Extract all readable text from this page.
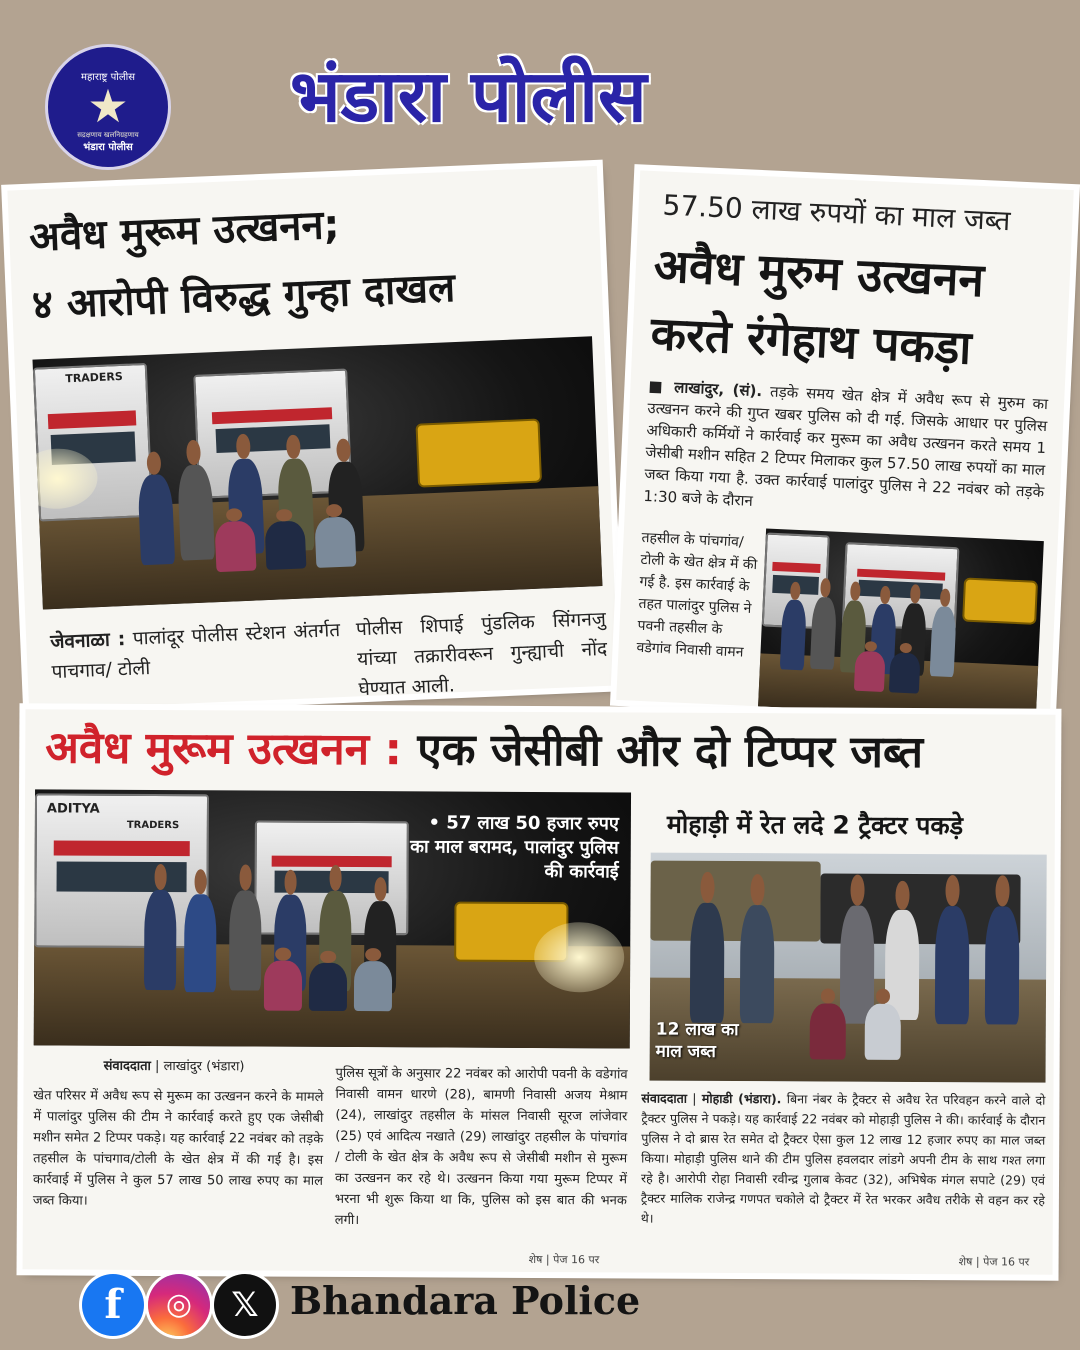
महाराष्ट्र पोलीस
★
सद्रक्षणाय खलनिग्रहणाय
भंडारा पोलीस
भंडारा पोलीस
अवैध मुरूम उत्खनन;
४ आरोपी विरुद्ध गुन्हा दाखल
TRADERS
जेवनाळा : पालांदूर पोलीस स्टेशन अंतर्गत पाचगाव/ टोली
पोलीस शिपाई पुंडलिक सिंगनजु यांच्या तक्रारीवरून गुन्ह्याची नोंद घेण्यात आली.
57.50 लाख रुपयों का माल जब्त
अवैध मुरुम उत्खनन
करते रंगेहाथ पकड़ा
■ लाखांदुर, (सं). तड़के समय खेत क्षेत्र में अवैध रूप से मुरुम का उत्खनन करने की गुप्त खबर पुलिस को दी गई. जिसके आधार पर पुलिस अधिकारी कर्मियों ने कार्रवाई कर मुरूम का अवैध उत्खनन करते समय 1 जेसीबी मशीन सहित 2 टिप्पर मिलाकर कुल 57.50 लाख रुपयों का माल जब्त किया गया है. उक्त कार्रवाई पालांदुर पुलिस ने 22 नवंबर को तड़के 1:30 बजे के दौरान
तहसील के पांचगांव/टोली के खेत क्षेत्र में की गई है. इस कार्रवाई के तहत पालांदुर पुलिस ने पवनी तहसील के वडेगांव निवासी वामन
अवैध मुरूम उत्खनन : एक जेसीबी और दो टिप्पर जब्त
ADITYA
TRADERS	• 57 लाख 50 हजार रुपए का माल बरामद, पालांदुर पुलिस की कार्रवाई
संवाददाता | लाखांदुर (भंडारा)
खेत परिसर में अवैध रूप से मुरूम का उत्खनन करने के मामले में पालांदुर पुलिस की टीम ने कार्रवाई करते हुए एक जेसीबी मशीन समेत 2 टिप्पर पकड़े। यह कार्रवाई 22 नवंबर को तड़के तहसील के पांचगाव/टोली के खेत क्षेत्र में की गई है। इस कार्रवाई में पुलिस ने कुल 57 लाख 50 लाख रुपए का माल जब्त किया।
पुलिस सूत्रों के अनुसार 22 नवंबर को आरोपी पवनी के वडेगांव निवासी वामन धारणे (28), बामणी निवासी अजय मेश्राम (24), लाखांदुर तहसील के मांसल निवासी सूरज लांजेवार (25) एवं आदित्य नखाते (29) लाखांदुर तहसील के पांचगांव / टोली के खेत क्षेत्र के अवैध रूप से जेसीबी मशीन से मुरूम का उत्खनन कर रहे थे। उत्खनन किया गया मुरूम टिप्पर में भरना भी शुरू किया था कि, पुलिस को इस बात की भनक लगी।
शेष | पेज 16 पर
मोहाड़ी में रेत लदे 2 ट्रैक्टर पकड़े
12 लाख का माल जब्त
संवाददाता | मोहाडी (भंडारा). बिना नंबर के ट्रैक्टर से अवैध रेत परिवहन करने वाले दो ट्रैक्टर पुलिस ने पकड़े। यह कार्रवाई 22 नवंबर को मोहाड़ी पुलिस ने की। कार्रवाई के दौरान पुलिस ने दो ब्रास रेत समेत दो ट्रैक्टर ऐसा कुल 12 लाख 12 हजार रुपए का माल जब्त किया। मोहाड़ी पुलिस थाने की टीम पुलिस हवलदार लांडगे अपनी टीम के साथ गश्त लगा रहे है। आरोपी रोहा निवासी रवीन्द्र गुलाब केवट (32), अभिषेक मंगल सपाटे (29) एवं ट्रैक्टर मालिक राजेन्द्र गणपत चकोले दो ट्रैक्टर में रेत भरकर अवैध तरीके से वहन कर रहे थे।
शेष | पेज 16 पर
f	◎	𝕏 Bhandara Police
